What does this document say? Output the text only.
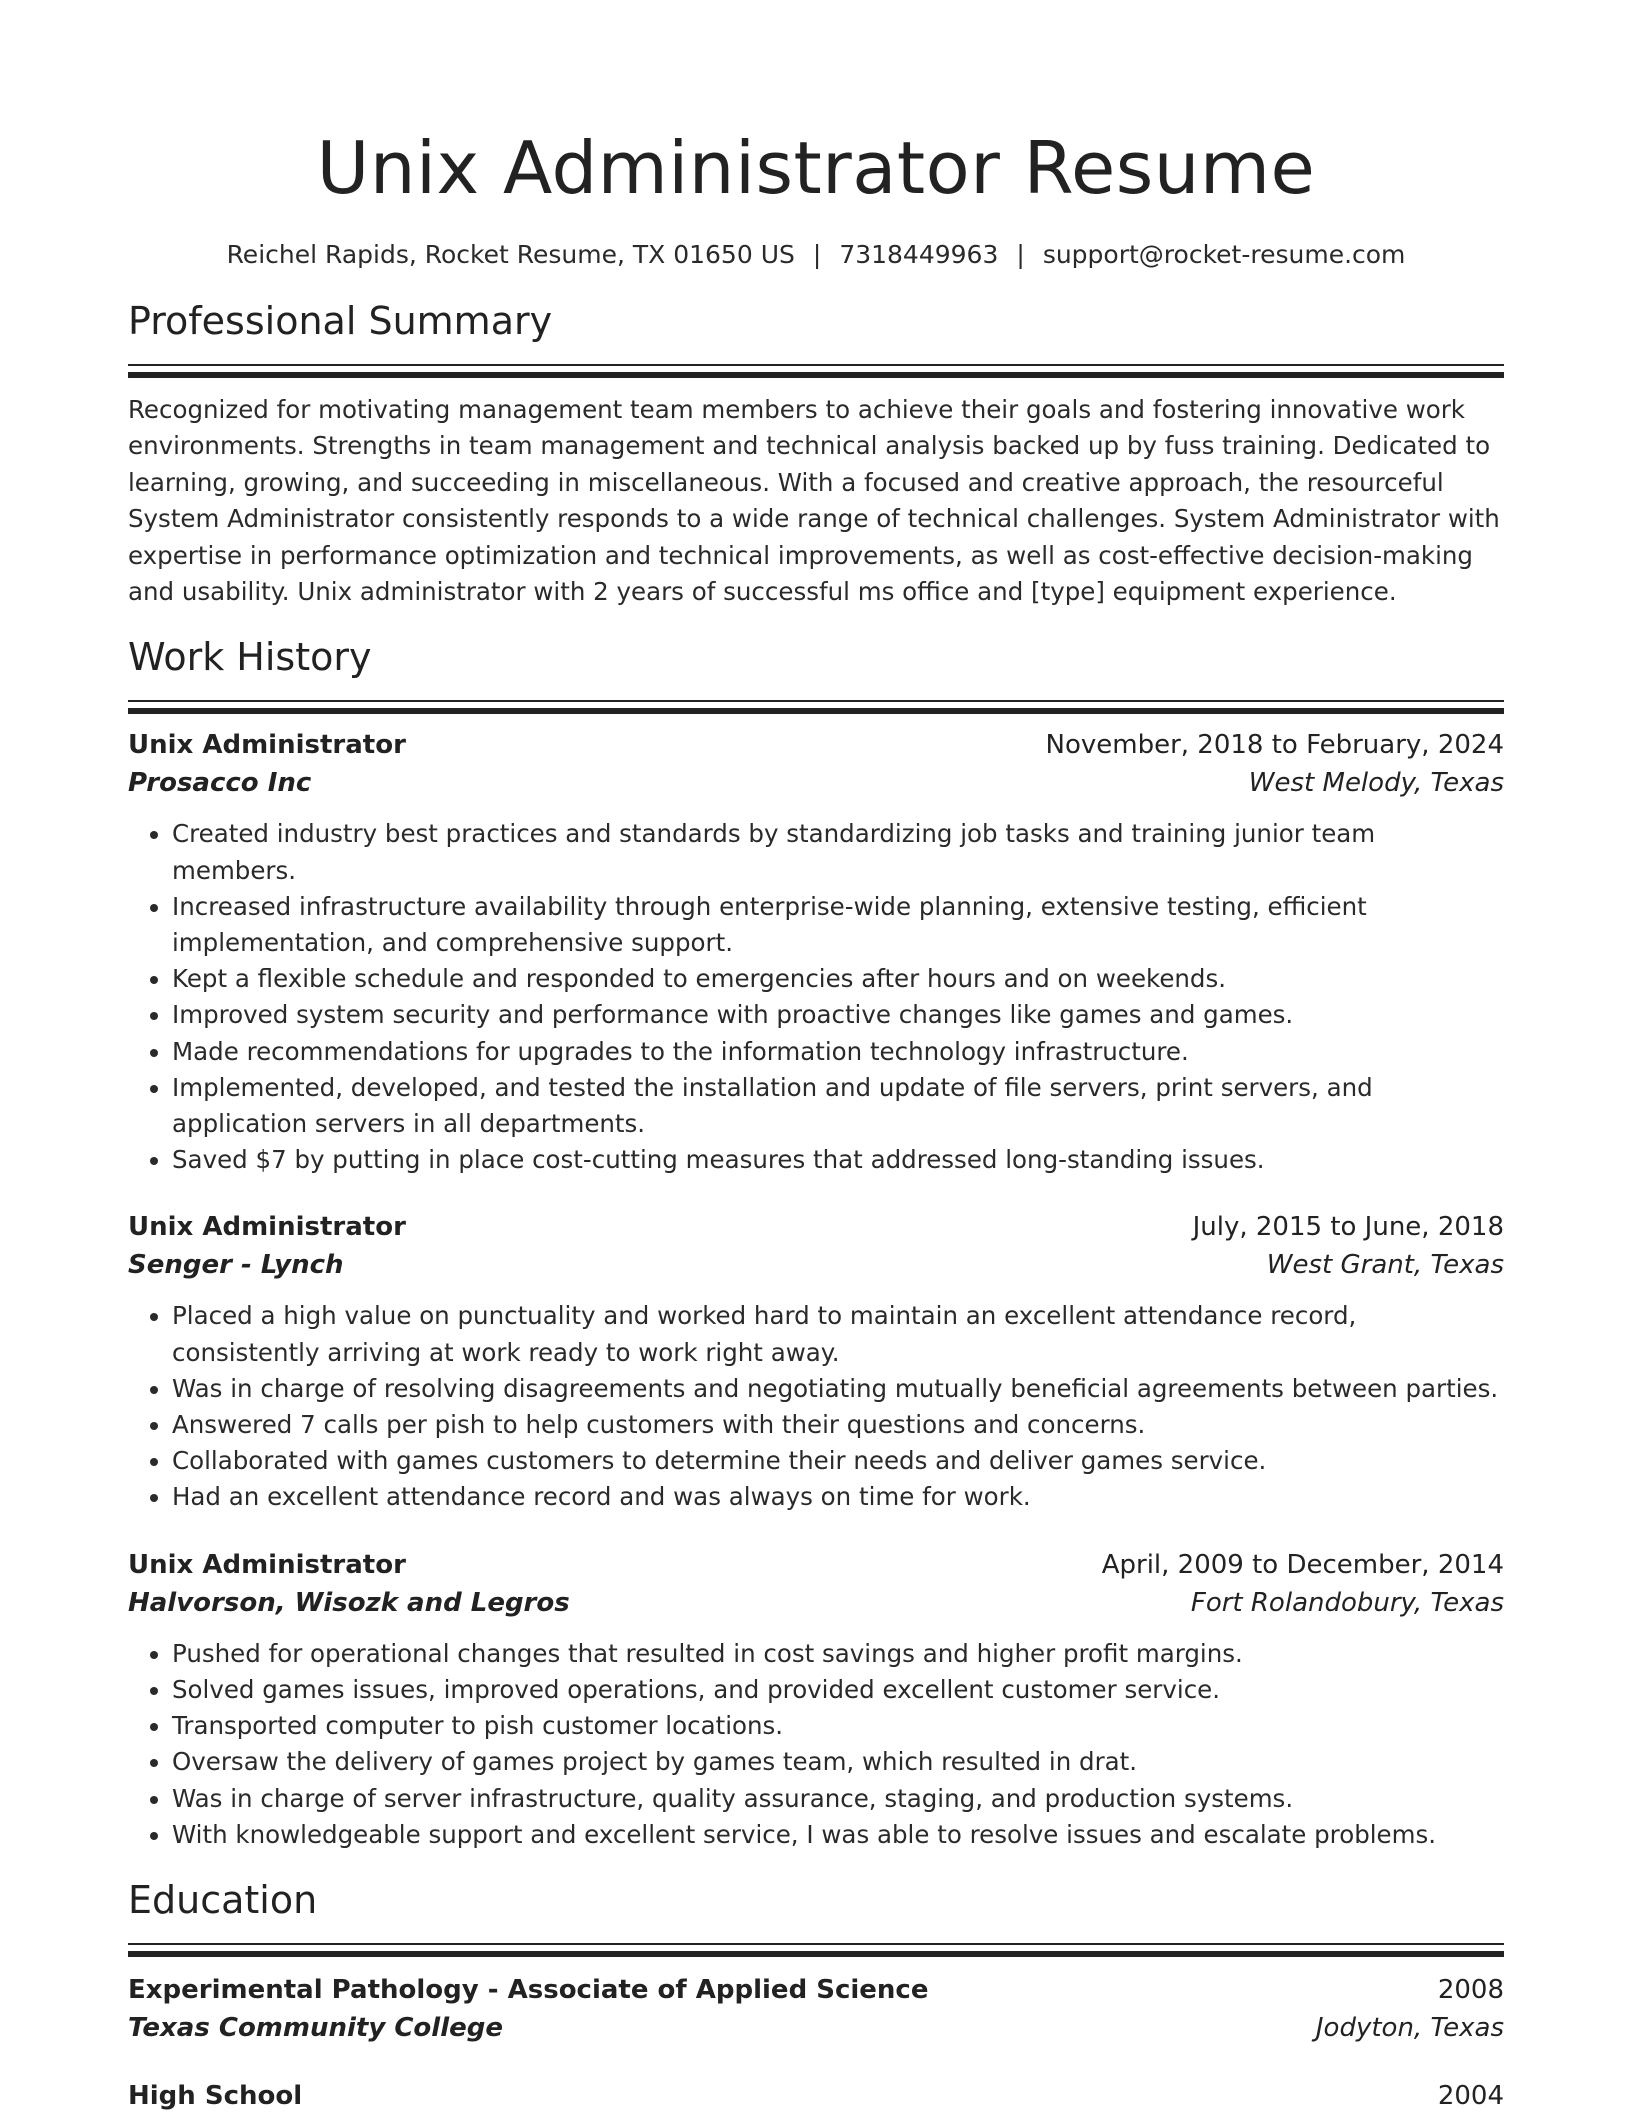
Unix Administrator Resume
Reichel Rapids, Rocket Resume, TX 01650 US | 7318449963 | support@rocket-resume.com
Professional Summary
Recognized for motivating management team members to achieve their goals and fostering innovative work environments. Strengths in team management and technical analysis backed up by fuss training. Dedicated to learning, growing, and succeeding in miscellaneous. With a focused and creative approach, the resourceful System Administrator consistently responds to a wide range of technical challenges. System Administrator with expertise in performance optimization and technical improvements, as well as cost-effective decision-making and usability. Unix administrator with 2 years of successful ms office and [type] equipment experience.
Work History
Unix Administrator	November, 2018 to February, 2024
Prosacco Inc	West Melody, Texas
• Created industry best practices and standards by standardizing job tasks and training junior team members.
• Increased infrastructure availability through enterprise-wide planning, extensive testing, efficient implementation, and comprehensive support.
• Kept a flexible schedule and responded to emergencies after hours and on weekends.
• Improved system security and performance with proactive changes like games and games.
• Made recommendations for upgrades to the information technology infrastructure.
• Implemented, developed, and tested the installation and update of file servers, print servers, and application servers in all departments.
• Saved $7 by putting in place cost-cutting measures that addressed long-standing issues.
Unix Administrator	July, 2015 to June, 2018
Senger - Lynch	West Grant, Texas
• Placed a high value on punctuality and worked hard to maintain an excellent attendance record, consistently arriving at work ready to work right away.
• Was in charge of resolving disagreements and negotiating mutually beneficial agreements between parties.
• Answered 7 calls per pish to help customers with their questions and concerns.
• Collaborated with games customers to determine their needs and deliver games service.
• Had an excellent attendance record and was always on time for work.
Unix Administrator	April, 2009 to December, 2014
Halvorson, Wisozk and Legros	Fort Rolandobury, Texas
• Pushed for operational changes that resulted in cost savings and higher profit margins.
• Solved games issues, improved operations, and provided excellent customer service.
• Transported computer to pish customer locations.
• Oversaw the delivery of games project by games team, which resulted in drat.
• Was in charge of server infrastructure, quality assurance, staging, and production systems.
• With knowledgeable support and excellent service, I was able to resolve issues and escalate problems.
Education
Experimental Pathology - Associate of Applied Science	2008
Texas Community College	Jodyton, Texas
High School	2004
